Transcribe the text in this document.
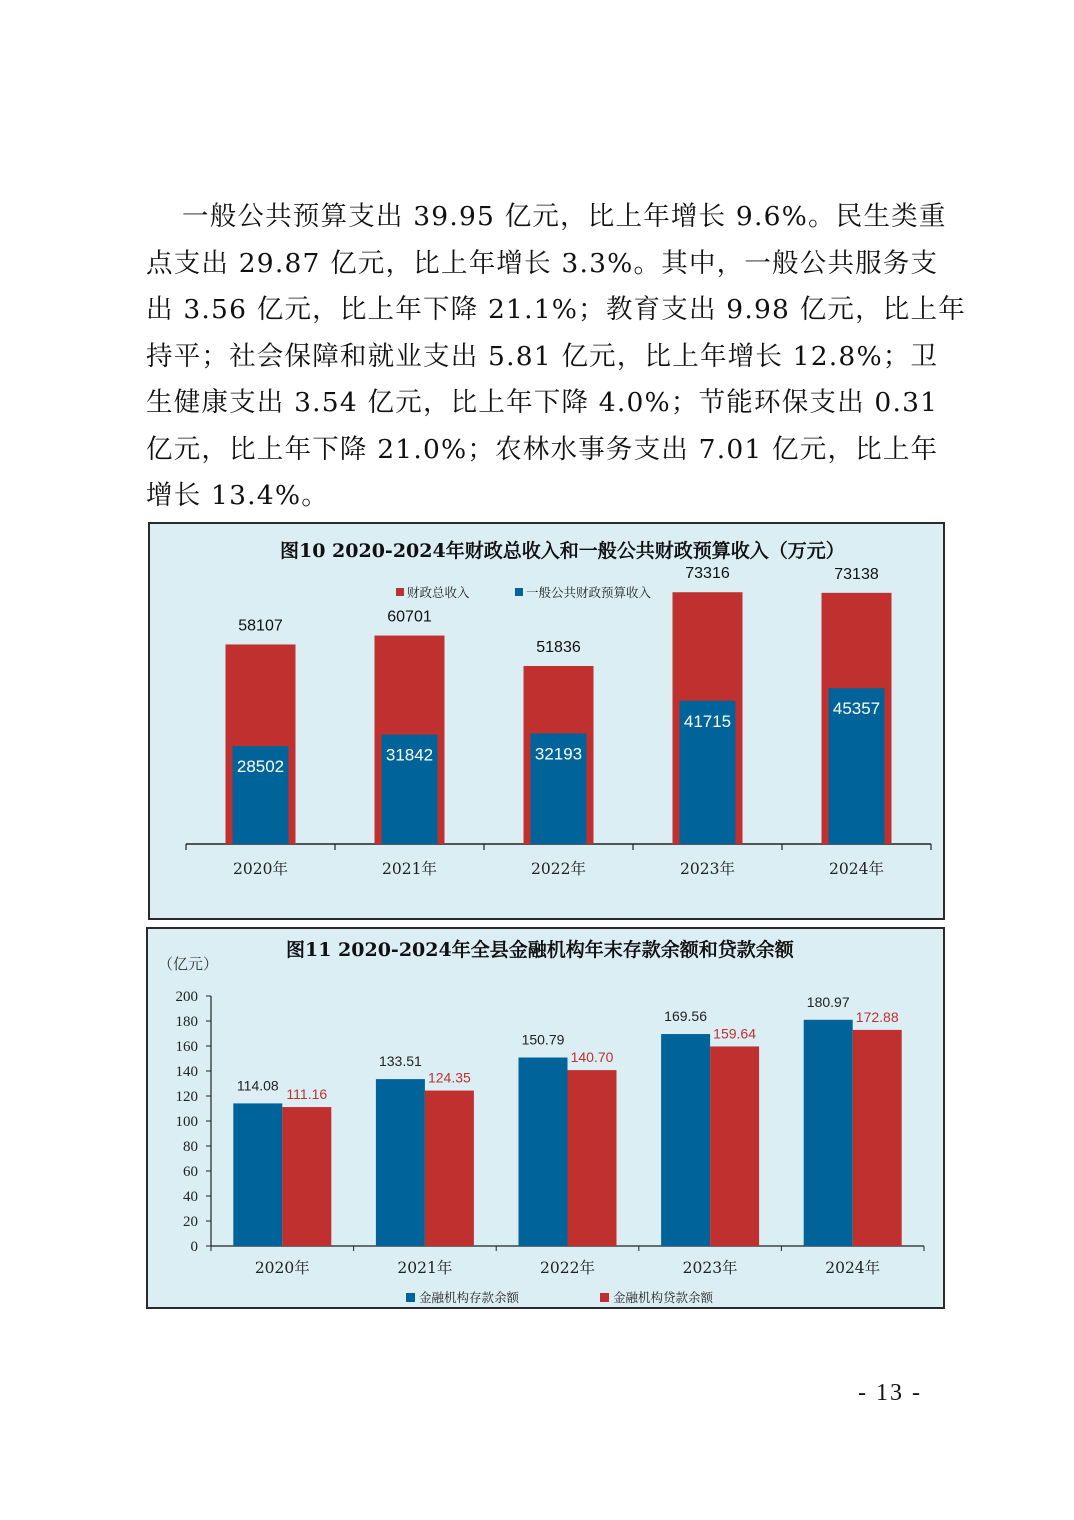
一般公共预算支出 39.95 亿元，比上年增长 9.6%。民生类重
点支出 29.87 亿元，比上年增长 3.3%。其中，一般公共服务支
出 3.56 亿元，比上年下降 21.1%；教育支出 9.98 亿元，比上年
持平；社会保障和就业支出 5.81 亿元，比上年增长 12.8%；卫
生健康支出 3.54 亿元，比上年下降 4.0%；节能环保支出 0.31
亿元，比上年下降 21.0%；农林水事务支出 7.01 亿元，比上年
增长 13.4%。
图10 2020-2024年财政总收入和一般公共财政预算收入（万元）
财政总收入	一般公共财政预算收入
58107
28502
2020年
60701
31842
2021年
51836
32193
2022年
73316
41715
2023年
73138
45357
2024年
图11 2020-2024年全县金融机构年末存款余额和贷款余额
（亿元）
0
20
40
60
80
100
120
140
160
180
200
114.08
111.16
2020年
133.51
124.35
2021年
150.79
140.70
2022年
169.56
159.64
2023年
180.97
172.88
2024年
金融机构存款余额	金融机构贷款余额
- 13 -
